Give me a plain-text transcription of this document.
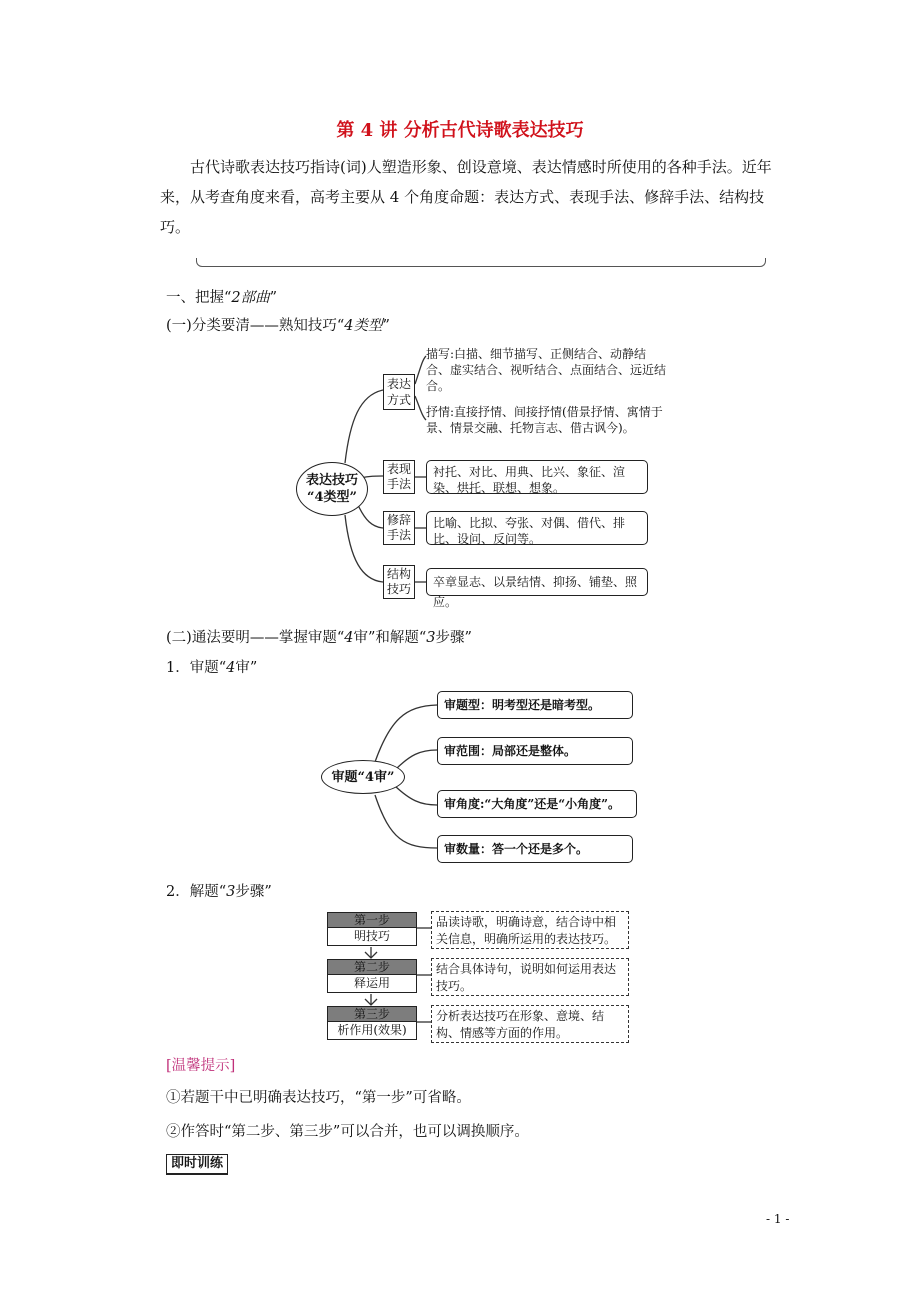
第 4 讲 分析古代诗歌表达技巧
古代诗歌表达技巧指诗(词)人塑造形象、创设意境、表达情感时所使用的各种手法。近年来，从考查角度来看，高考主要从 4 个角度命题：表达方式、表现手法、修辞手法、结构技巧。
一、把握“2部曲”
(一)分类要清——熟知技巧“4类型”
表达技巧
“4类型”
表达方式
表现手法
修辞手法
结构技巧
描写:白描、细节描写、正侧结合、动静结合、虚实结合、视听结合、点面结合、远近结合。
抒情:直接抒情、间接抒情(借景抒情、寓情于景、情景交融、托物言志、借古讽今)。
衬托、对比、用典、比兴、象征、渲染、烘托、联想、想象。
比喻、比拟、夸张、对偶、借代、排比、设问、反问等。
卒章显志、以景结情、抑扬、铺垫、照应。
(二)通法要明——掌握审题“4审”和解题“3步骤”
1．审题“4审”
审题“4审”
审题型：明考型还是暗考型。
审范围：局部还是整体。
审角度:“大角度”还是“小角度”。
审数量：答一个还是多个。
2．解题“3步骤”
第一步
明技巧
品读诗歌，明确诗意，结合诗中相关信息，明确所运用的表达技巧。
第二步
释运用
结合具体诗句，说明如何运用表达技巧。
第三步
析作用(效果)
分析表达技巧在形象、意境、结构、情感等方面的作用。
[温馨提示]
①若题干中已明确表达技巧，“第一步”可省略。
②作答时“第二步、第三步”可以合并，也可以调换顺序。
即时训练
- 1 -
